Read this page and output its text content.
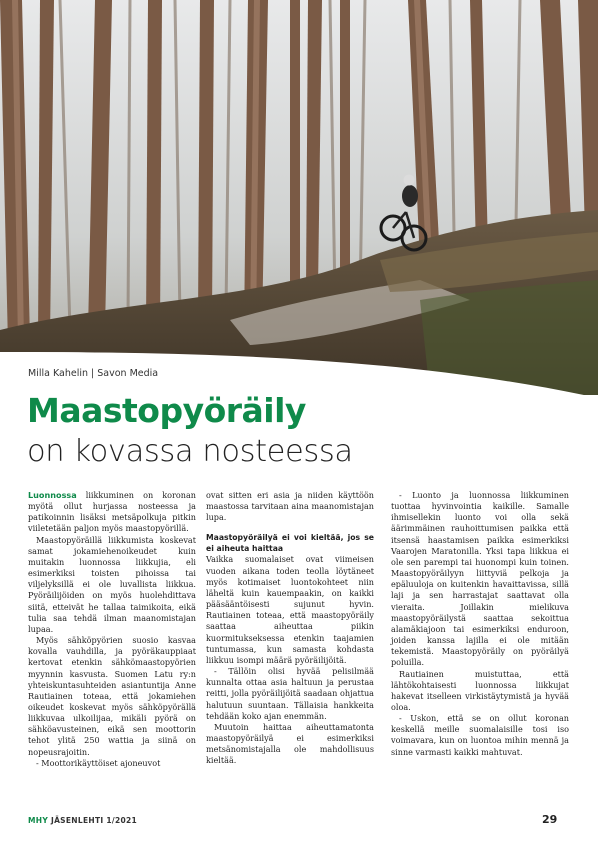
Milla Kahelin | Savon Media
Maastopyöräily
on kovassa nosteessa

Luonnossa liikkuminen on koronan myötä ollut hurjassa nosteessa ja patikoinnin lisäksi metsäpolkuja pitkin viiletetään paljon myös maastopyörillä.

Maastopyöräillä liikkumista koskevat samat jokamiehenoikeudet kuin muitakin luonnossa liikkujia, eli esimerkiksi toisten pihoissa tai viljelyksillä ei ole luvallista liikkua. Pyöräilijöiden on myös huolehdittava siitä, etteivät he tallaa taimikoita, eikä tulia saa tehdä ilman maanomistajan lupaa.

Myös sähköpyörien suosio kasvaa kovalla vauhdilla, ja pyöräkauppiaat kertovat etenkin sähkömaastopyörien myynnin kasvusta. Suomen Latu ry:n yhteiskuntasuhteiden asiantuntija Anne Rautiainen toteaa, että jokamiehen oikeudet koskevat myös sähköpyörällä liikkuvaa ulkoilijaa, mikäli pyörä on sähköavusteinen, eikä sen moottorin tehot ylitä 250 wattia ja siinä on nopeusrajoitin.

- Moottorikäyttöiset ajoneuvot

ovat sitten eri asia ja niiden käyttöön maastossa tarvitaan aina maanomistajan lupa.

Maastopyöräilyä ei voi kieltää, jos se ei aiheuta haittaa

Vaikka suomalaiset ovat viimeisen vuoden aikana toden teolla löytäneet myös kotimaiset luontokohteet niin läheltä kuin kauempaakin, on kaikki pääsääntöisesti sujunut hyvin. Rautiainen toteaa, että maastopyöräily saattaa aiheuttaa piikin kuormitukseksessa etenkin taajamien tuntumassa, kun samasta kohdasta liikkuu isompi määrä pyöräilijöitä.

- Tällöin olisi hyvää pelisilmää kunnalta ottaa asia haltuun ja perustaa reitti, jolla pyöräilijöitä saadaan ohjattua halutuun suuntaan. Tällaisia hankkeita tehdään koko ajan enemmän.

Muutoin haittaa aiheuttamatonta maastopyöräilyä ei esimerkiksi metsänomistajalla ole mahdollisuus kieltää.

- Luonto ja luonnossa liikkuminen tuottaa hyvinvointia kaikille. Samalle ihmisellekin luonto voi olla sekä äärimmäinen rauhoittumisen paikka että itsensä haastamisen paikka esimerkiksi Vaarojen Maratonilla. Yksi tapa liikkua ei ole sen parempi tai huonompi kuin toinen. Maastopyöräilyyn liittyviä pelkoja ja epäluuloja on kuitenkin havaittavissa, sillä laji ja sen harrastajat saattavat olla vieraita. Joillakin mielikuva maastopyöräilystä saattaa sekoittua alamäkiajoon tai esimerkiksi enduroon, joiden kanssa lajilla ei ole mitään tekemistä. Maastopyöräily on pyöräilyä poluilla.

Rautiainen muistuttaa, että lähtökohtaisesti luonnossa liikkujat hakevat itselleen virkistäytymistä ja hyvää oloa.

- Uskon, että se on ollut koronan keskellä meille suomalaisille tosi iso voimavara, kun on luontoa mihin mennä ja sinne varmasti kaikki mahtuvat.

MHY JÄSENLEHTI 1/2021	29
